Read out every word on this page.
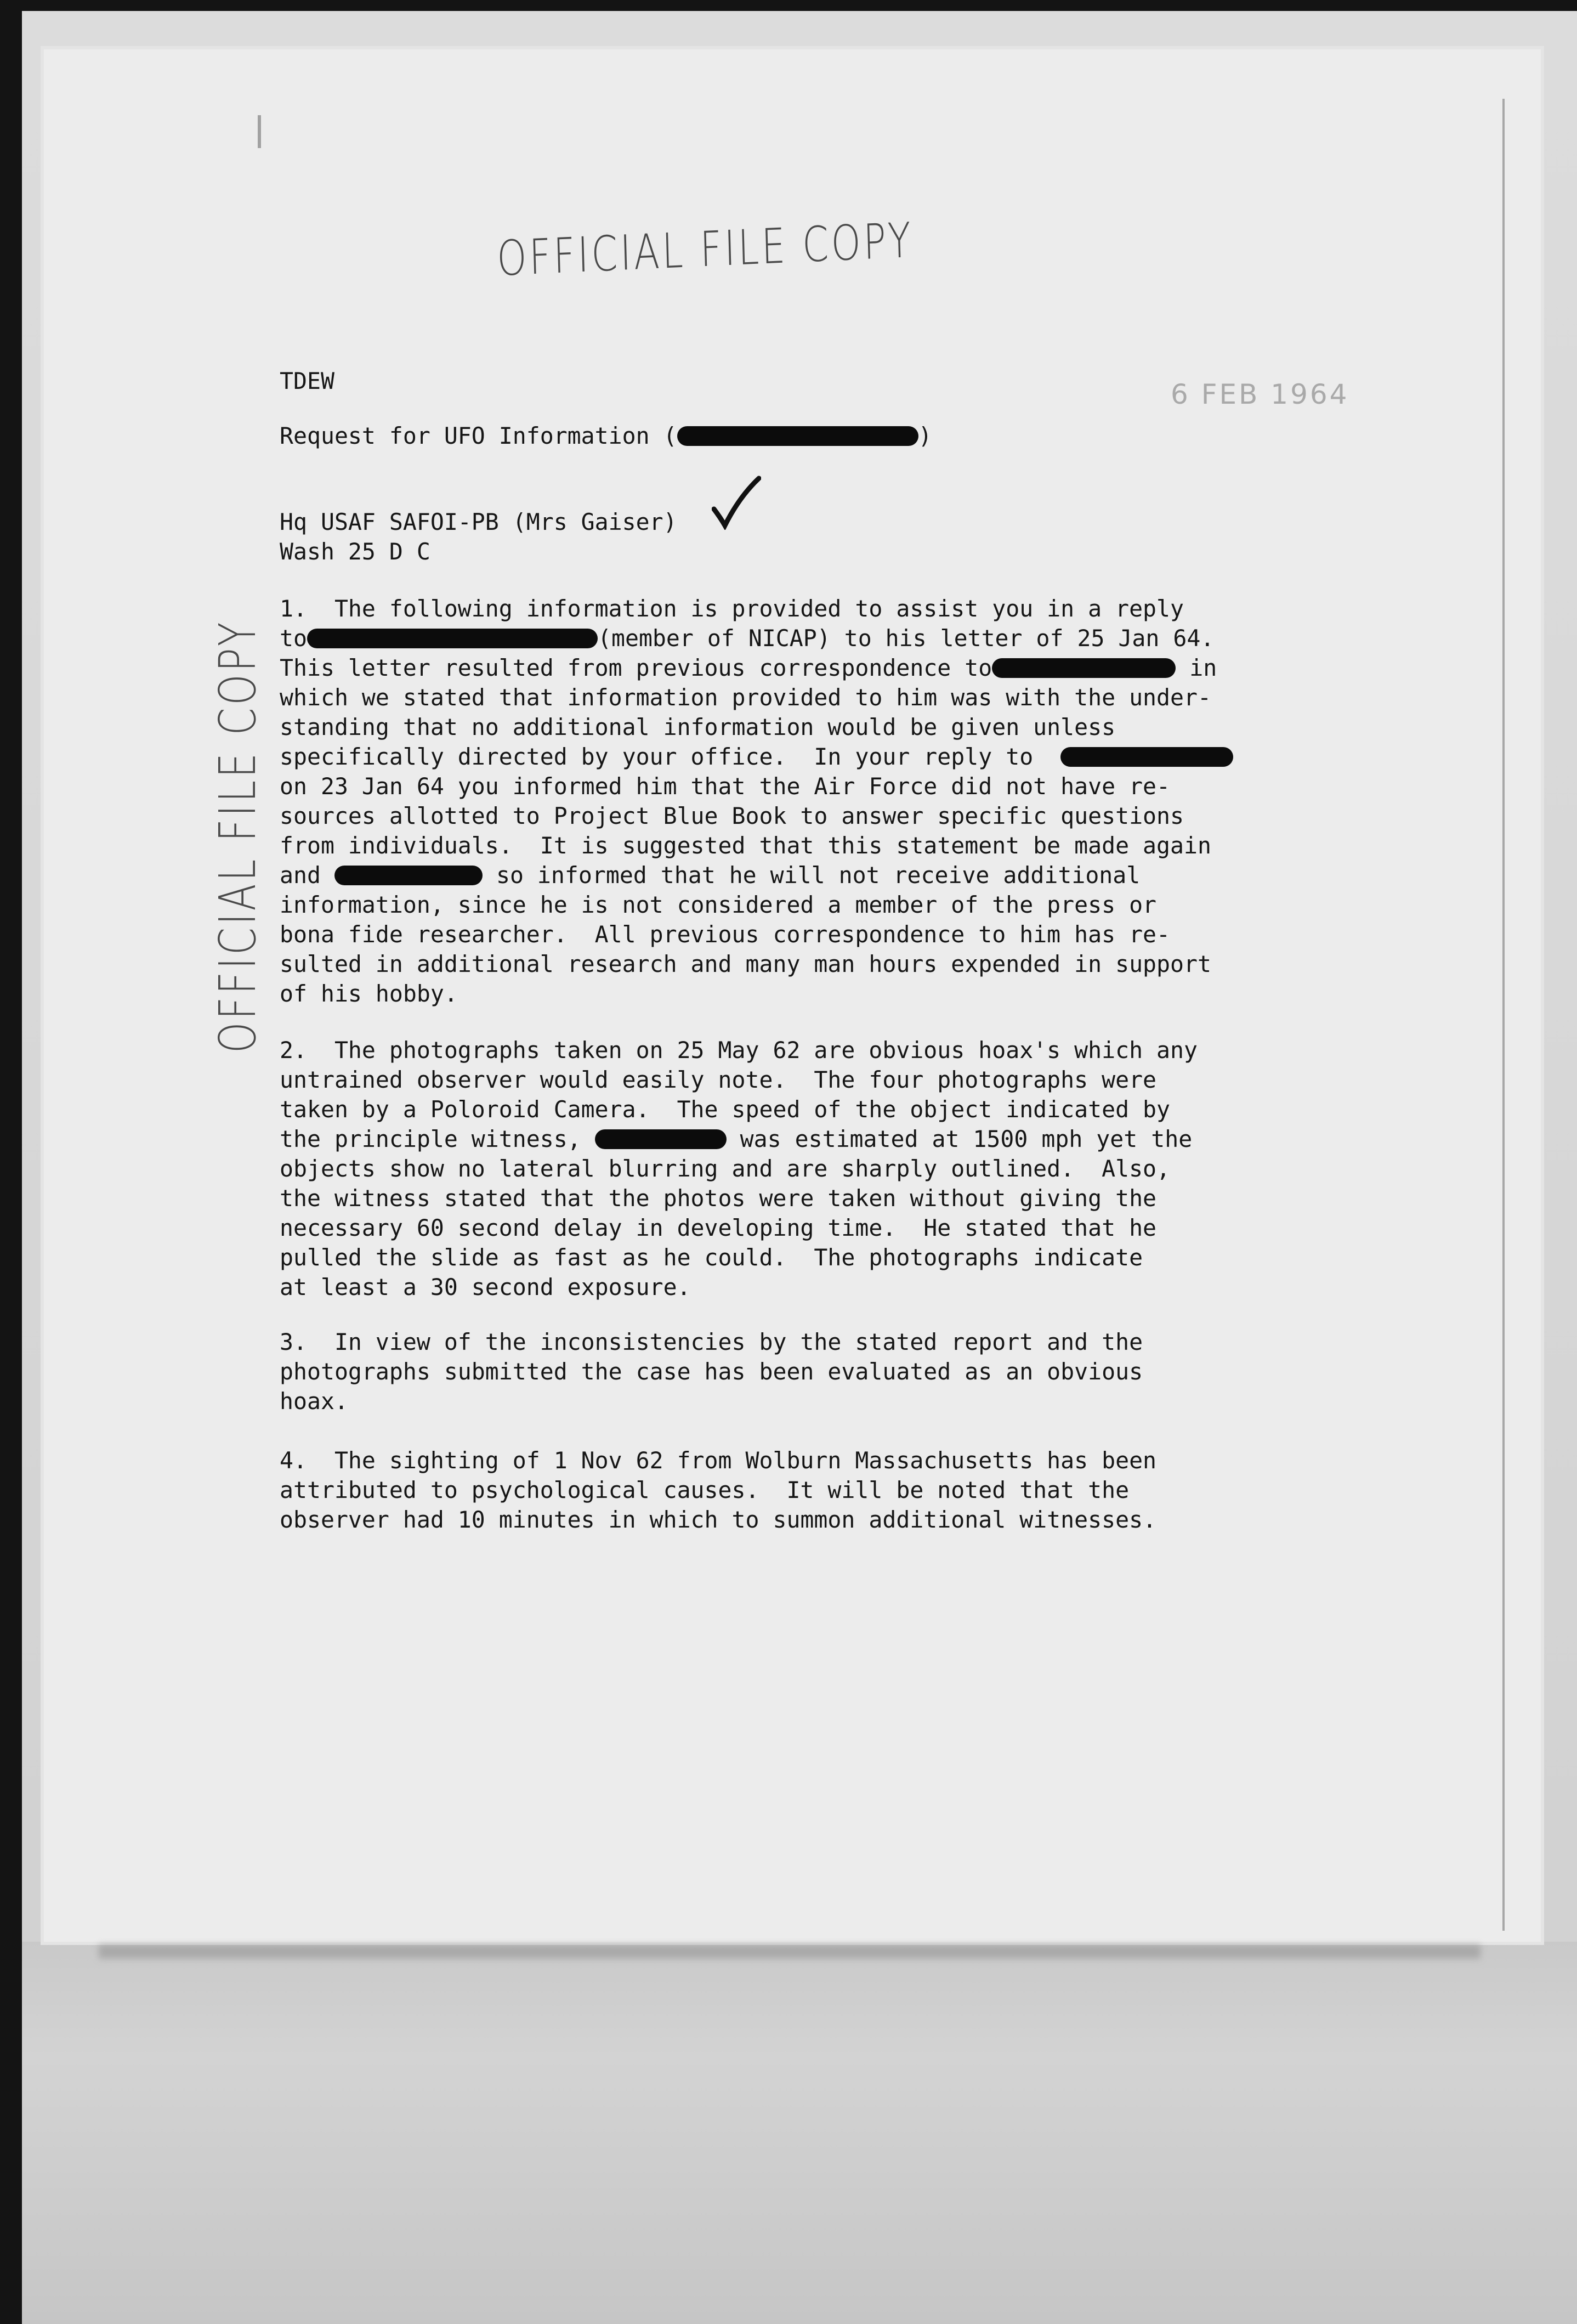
OFFICIAL FILE COPY
OFFICIAL FILE COPY
6 FEB 1964
TDEW
Request for UFO Information (	)
Hq USAF SAFOI-PB (Mrs Gaiser)
Wash 25 D C
1.  The following information is provided to assist you in a reply
to	(member of NICAP) to his letter of 25 Jan 64.
This letter resulted from previous correspondence to	in
which we stated that information provided to him was with the under-
standing that no additional information would be given unless
specifically directed by your office.  In your reply to
on 23 Jan 64 you informed him that the Air Force did not have re-
sources allotted to Project Blue Book to answer specific questions
from individuals.  It is suggested that this statement be made again
and	so informed that he will not receive additional
information, since he is not considered a member of the press or
bona fide researcher.  All previous correspondence to him has re-
sulted in additional research and many man hours expended in support
of his hobby.
2.  The photographs taken on 25 May 62 are obvious hoax's which any
untrained observer would easily note.  The four photographs were
taken by a Poloroid Camera.  The speed of the object indicated by
the principle witness,	was estimated at 1500 mph yet the
objects show no lateral blurring and are sharply outlined.  Also,
the witness stated that the photos were taken without giving the
necessary 60 second delay in developing time.  He stated that he
pulled the slide as fast as he could.  The photographs indicate
at least a 30 second exposure.
3.  In view of the inconsistencies by the stated report and the
photographs submitted the case has been evaluated as an obvious
hoax.
4.  The sighting of 1 Nov 62 from Wolburn Massachusetts has been
attributed to psychological causes.  It will be noted that the
observer had 10 minutes in which to summon additional witnesses.
